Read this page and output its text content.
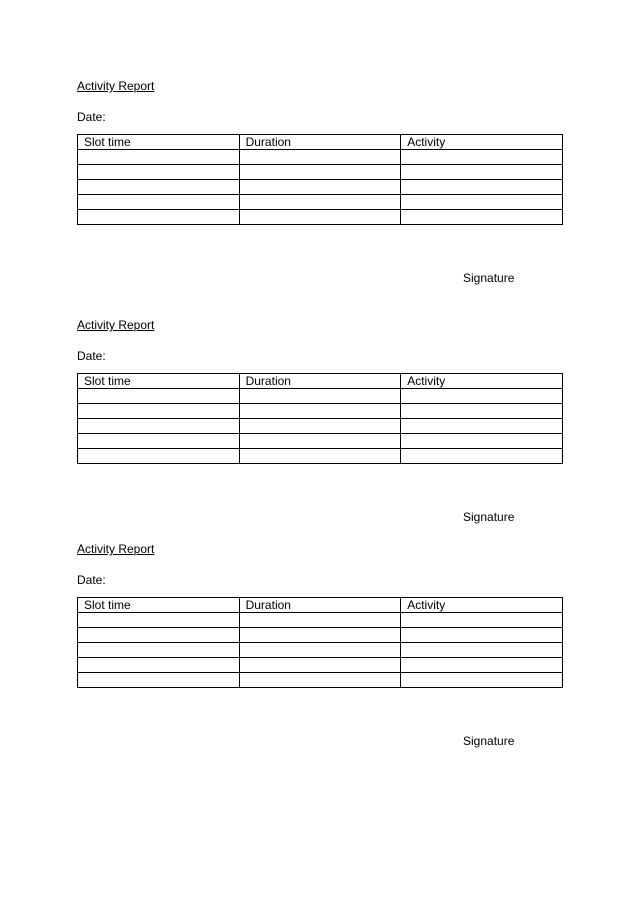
Activity Report
Date:
Slot time	Duration	Activity

Signature
Activity Report
Date:
Slot time	Duration	Activity

Signature
Activity Report
Date:
Slot time	Duration	Activity

Signature
